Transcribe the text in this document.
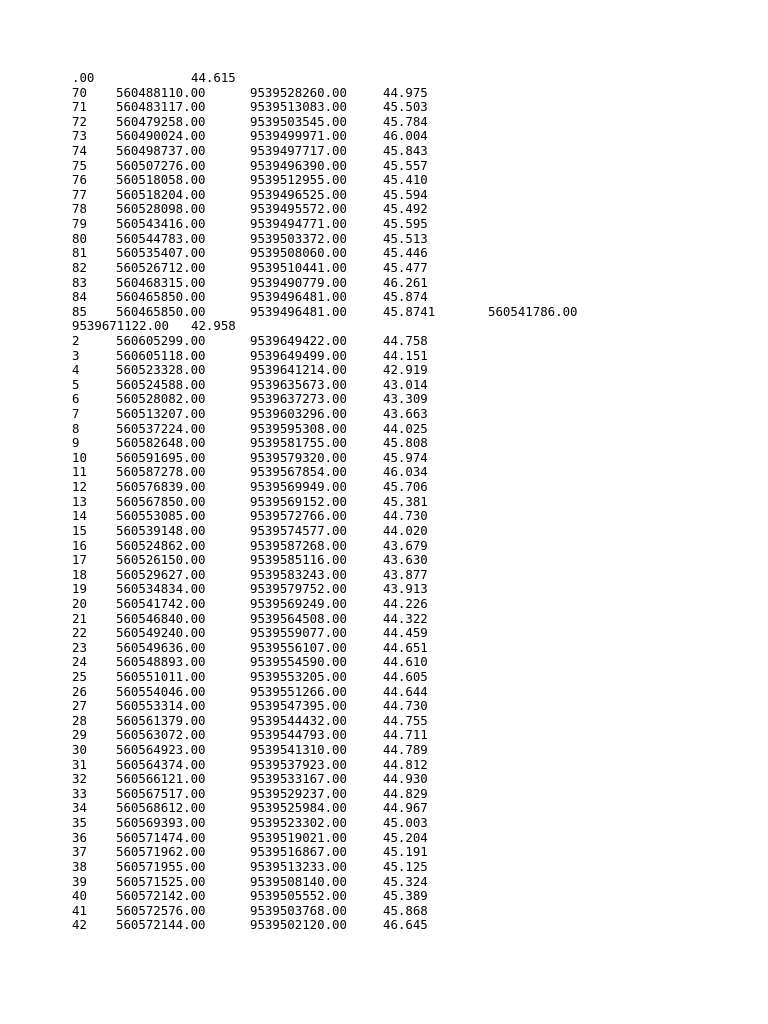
.00	44.615
70 560488110.00	9539528260.00	44.975
71 560483117.00	9539513083.00	45.503
72 560479258.00	9539503545.00	45.784
73 560490024.00	9539499971.00	46.004
74 560498737.00	9539497717.00	45.843
75 560507276.00	9539496390.00	45.557
76 560518058.00	9539512955.00	45.410
77 560518204.00	9539496525.00	45.594
78 560528098.00	9539495572.00	45.492
79 560543416.00	9539494771.00	45.595
80 560544783.00	9539503372.00	45.513
81 560535407.00	9539508060.00	45.446
82 560526712.00	9539510441.00	45.477
83 560468315.00	9539490779.00	46.261
84 560465850.00	9539496481.00	45.874
85 560465850.00	9539496481.00	45.8741	560541786.00
9539671122.00 42.958
2	560605299.00	9539649422.00	44.758
3	560605118.00	9539649499.00	44.151
4	560523328.00	9539641214.00	42.919
5	560524588.00	9539635673.00	43.014
6	560528082.00	9539637273.00	43.309
7	560513207.00	9539603296.00	43.663
8	560537224.00	9539595308.00	44.025
9	560582648.00	9539581755.00	45.808
10 560591695.00	9539579320.00	45.974
11 560587278.00	9539567854.00	46.034
12 560576839.00	9539569949.00	45.706
13 560567850.00	9539569152.00	45.381
14 560553085.00	9539572766.00	44.730
15 560539148.00	9539574577.00	44.020
16 560524862.00	9539587268.00	43.679
17 560526150.00	9539585116.00	43.630
18 560529627.00	9539583243.00	43.877
19 560534834.00	9539579752.00	43.913
20 560541742.00	9539569249.00	44.226
21 560546840.00	9539564508.00	44.322
22 560549240.00	9539559077.00	44.459
23 560549636.00	9539556107.00	44.651
24 560548893.00	9539554590.00	44.610
25 560551011.00	9539553205.00	44.605
26 560554046.00	9539551266.00	44.644
27 560553314.00	9539547395.00	44.730
28 560561379.00	9539544432.00	44.755
29 560563072.00	9539544793.00	44.711
30 560564923.00	9539541310.00	44.789
31 560564374.00	9539537923.00	44.812
32 560566121.00	9539533167.00	44.930
33 560567517.00	9539529237.00	44.829
34 560568612.00	9539525984.00	44.967
35 560569393.00	9539523302.00	45.003
36 560571474.00	9539519021.00	45.204
37 560571962.00	9539516867.00	45.191
38 560571955.00	9539513233.00	45.125
39 560571525.00	9539508140.00	45.324
40 560572142.00	9539505552.00	45.389
41 560572576.00	9539503768.00	45.868
42 560572144.00	9539502120.00	46.645
